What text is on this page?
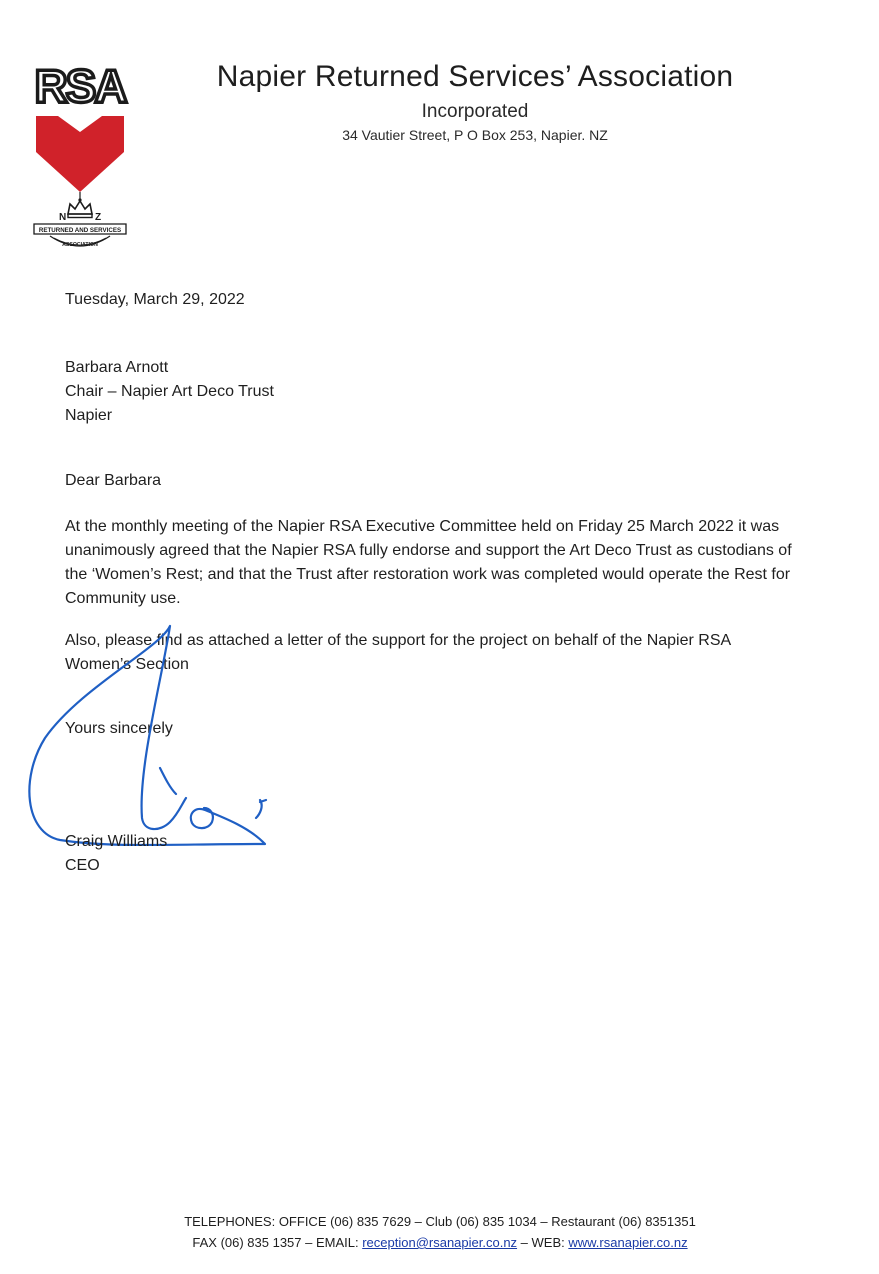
RSA
N	Z
RETURNED AND SERVICES
ASSOCIATION
Napier Returned Services’ Association
Incorporated
34 Vautier Street, P O Box 253, Napier. NZ
Tuesday, March 29, 2022
Barbara Arnott
Chair – Napier Art Deco Trust
Napier
Dear Barbara
At the monthly meeting of the Napier RSA Executive Committee held on Friday 25 March 2022 it was unanimously agreed that the Napier RSA fully endorse and support the Art Deco Trust as custodians of the ‘Women’s Rest; and that the Trust after restoration work was completed would operate the Rest for Community use.
Also, please find as attached a letter of the support for the project on behalf of the Napier RSA Women’s Section
Yours sincerely
Craig Williams
CEO
TELEPHONES: OFFICE (06) 835 7629 – Club (06) 835 1034 – Restaurant (06) 8351351
FAX (06) 835 1357 – EMAIL: reception@rsanapier.co.nz – WEB: www.rsanapier.co.nz
